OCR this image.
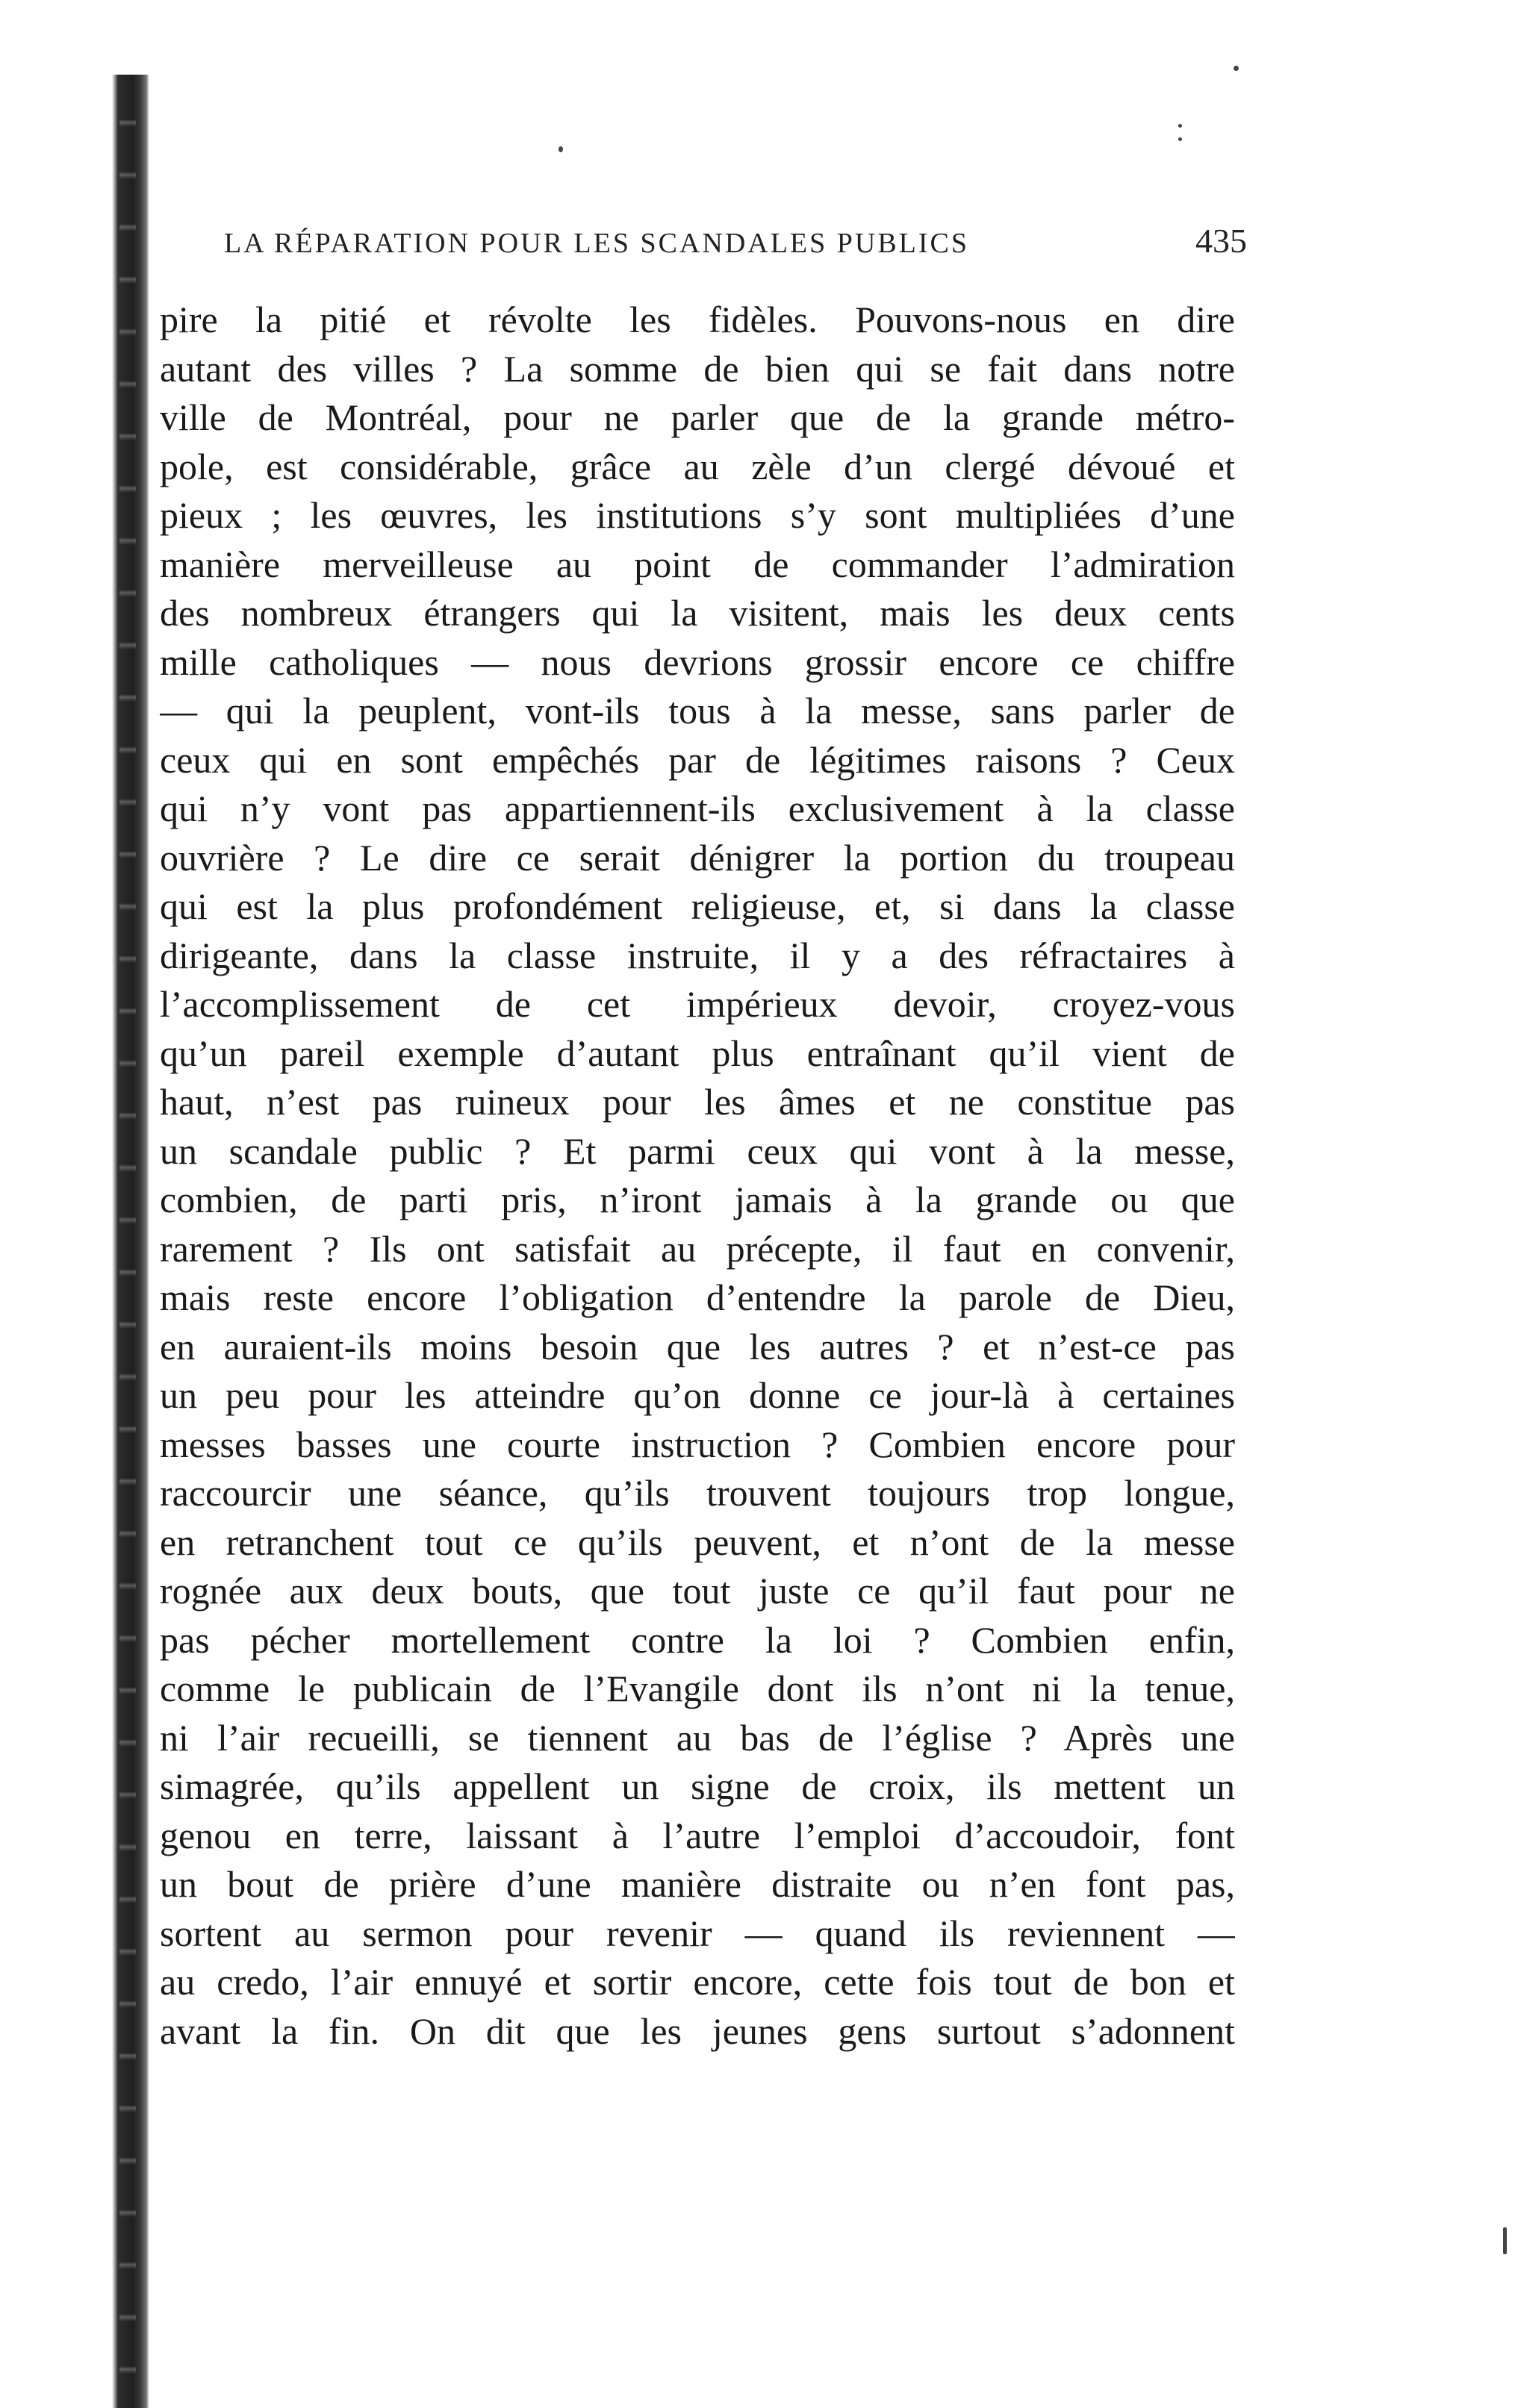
LA RÉPARATION POUR LES SCANDALES PUBLICS	435
pire la pitié et révolte les fidèles. Pouvons-nous en dire
autant des villes ? La somme de bien qui se fait dans notre
ville de Montréal, pour ne parler que de la grande métro-
pole, est considérable, grâce au zèle d’un clergé dévoué et
pieux ; les œuvres, les institutions s’y sont multipliées d’une
manière merveilleuse au point de commander l’admiration
des nombreux étrangers qui la visitent, mais les deux cents
mille catholiques — nous devrions grossir encore ce chiffre
— qui la peuplent, vont-ils tous à la messe, sans parler de
ceux qui en sont empêchés par de légitimes raisons ? Ceux
qui n’y vont pas appartiennent-ils exclusivement à la classe
ouvrière ? Le dire ce serait dénigrer la portion du troupeau
qui est la plus profondément religieuse, et, si dans la classe
dirigeante, dans la classe instruite, il y a des réfractaires à
l’accomplissement de cet impérieux devoir, croyez-vous
qu’un pareil exemple d’autant plus entraînant qu’il vient de
haut, n’est pas ruineux pour les âmes et ne constitue pas
un scandale public ? Et parmi ceux qui vont à la messe,
combien, de parti pris, n’iront jamais à la grande ou que
rarement ? Ils ont satisfait au précepte, il faut en convenir,
mais reste encore l’obligation d’entendre la parole de Dieu,
en auraient-ils moins besoin que les autres ? et n’est-ce pas
un peu pour les atteindre qu’on donne ce jour-là à certaines
messes basses une courte instruction ? Combien encore pour
raccourcir une séance, qu’ils trouvent toujours trop longue,
en retranchent tout ce qu’ils peuvent, et n’ont de la messe
rognée aux deux bouts, que tout juste ce qu’il faut pour ne
pas pécher mortellement contre la loi ? Combien enfin,
comme le publicain de l’Evangile dont ils n’ont ni la tenue,
ni l’air recueilli, se tiennent au bas de l’église ? Après une
simagrée, qu’ils appellent un signe de croix, ils mettent un
genou en terre, laissant à l’autre l’emploi d’accoudoir, font
un bout de prière d’une manière distraite ou n’en font pas,
sortent au sermon pour revenir — quand ils reviennent —
au credo, l’air ennuyé et sortir encore, cette fois tout de bon et
avant la fin. On dit que les jeunes gens surtout s’adonnent
